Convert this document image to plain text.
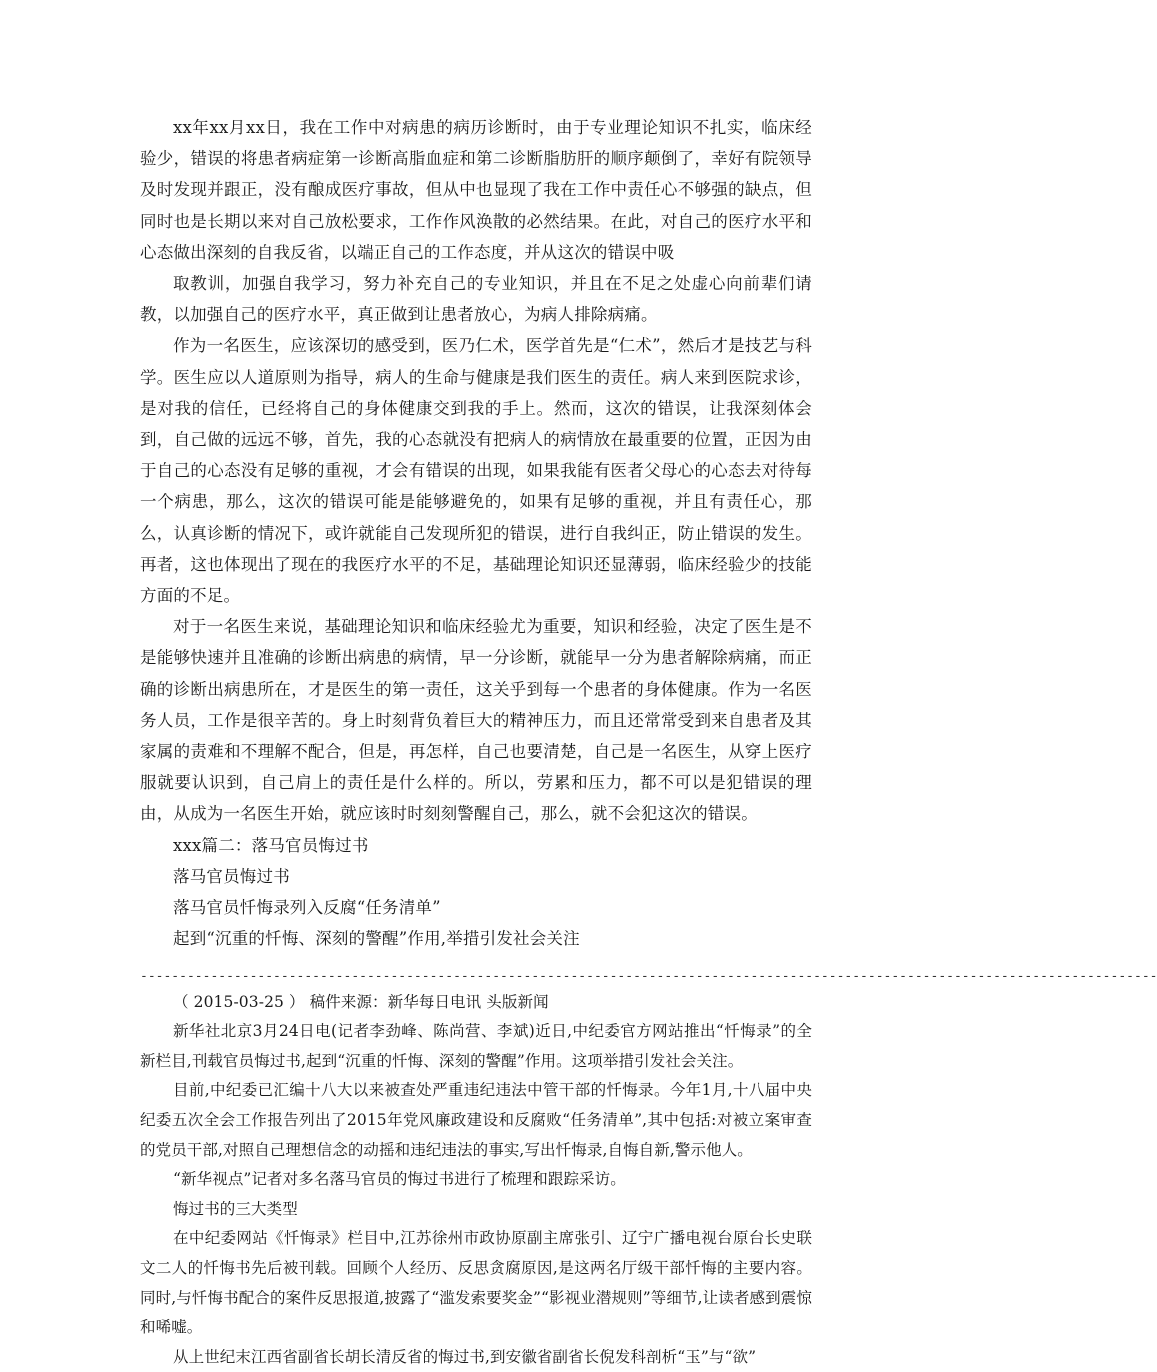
xx年xx月xx日，我在工作中对病患的病历诊断时，由于专业理论知识不扎实，临床经验少，错误的将患者病症第一诊断高脂血症和第二诊断脂肪肝的顺序颠倒了，幸好有院领导及时发现并跟正，没有酿成医疗事故，但从中也显现了我在工作中责任心不够强的缺点，但同时也是长期以来对自己放松要求，工作作风涣散的必然结果。在此，对自己的医疗水平和心态做出深刻的自我反省，以端正自己的工作态度，并从这次的错误中吸

取教训，加强自我学习，努力补充自己的专业知识，并且在不足之处虚心向前辈们请教，以加强自己的医疗水平，真正做到让患者放心，为病人排除病痛。

作为一名医生，应该深切的感受到，医乃仁术，医学首先是“仁术”，然后才是技艺与科学。医生应以人道原则为指导，病人的生命与健康是我们医生的责任。病人来到医院求诊，是对我的信任，已经将自己的身体健康交到我的手上。然而，这次的错误，让我深刻体会到，自己做的远远不够，首先，我的心态就没有把病人的病情放在最重要的位置，正因为由于自己的心态没有足够的重视，才会有错误的出现，如果我能有医者父母心的心态去对待每一个病患，那么，这次的错误可能是能够避免的，如果有足够的重视，并且有责任心，那么，认真诊断的情况下，或许就能自己发现所犯的错误，进行自我纠正，防止错误的发生。再者，这也体现出了现在的我医疗水平的不足，基础理论知识还显薄弱，临床经验少的技能方面的不足。

对于一名医生来说，基础理论知识和临床经验尤为重要，知识和经验，决定了医生是不是能够快速并且准确的诊断出病患的病情，早一分诊断，就能早一分为患者解除病痛，而正确的诊断出病患所在，才是医生的第一责任，这关乎到每一个患者的身体健康。作为一名医务人员，工作是很辛苦的。身上时刻背负着巨大的精神压力，而且还常常受到来自患者及其家属的责难和不理解不配合，但是，再怎样，自己也要清楚，自己是一名医生，从穿上医疗服就要认识到，自己肩上的责任是什么样的。所以，劳累和压力，都不可以是犯错误的理由，从成为一名医生开始，就应该时时刻刻警醒自己，那么，就不会犯这次的错误。

xxx篇二：落马官员悔过书

落马官员悔过书

落马官员忏悔录列入反腐“任务清单”

起到“沉重的忏悔、深刻的警醒”作用,举措引发社会关注

----------------------------------------------------------------------------------------------------------------------------------

（ 2015-03-25 ） 稿件来源：新华每日电讯 头版新闻

新华社北京3月24日电(记者李劲峰、陈尚营、李斌)近日,中纪委官方网站推出“忏悔录”的全新栏目,刊载官员悔过书,起到“沉重的忏悔、深刻的警醒”作用。这项举措引发社会关注。

目前,中纪委已汇编十八大以来被查处严重违纪违法中管干部的忏悔录。今年1月,十八届中央纪委五次全会工作报告列出了2015年党风廉政建设和反腐败“任务清单”,其中包括:对被立案审查的党员干部,对照自己理想信念的动摇和违纪违法的事实,写出忏悔录,自悔自新,警示他人。

“新华视点”记者对多名落马官员的悔过书进行了梳理和跟踪采访。

悔过书的三大类型

在中纪委网站《忏悔录》栏目中,江苏徐州市政协原副主席张引、辽宁广播电视台原台长史联文二人的忏悔书先后被刊载。回顾个人经历、反思贪腐原因,是这两名厅级干部忏悔的主要内容。同时,与忏悔书配合的案件反思报道,披露了“滥发索要奖金”“影视业潜规则”等细节,让读者感到震惊和唏嘘。

从上世纪末江西省副省长胡长清反省的悔过书,到安徽省副省长倪发科剖析“玉”与“欲”
